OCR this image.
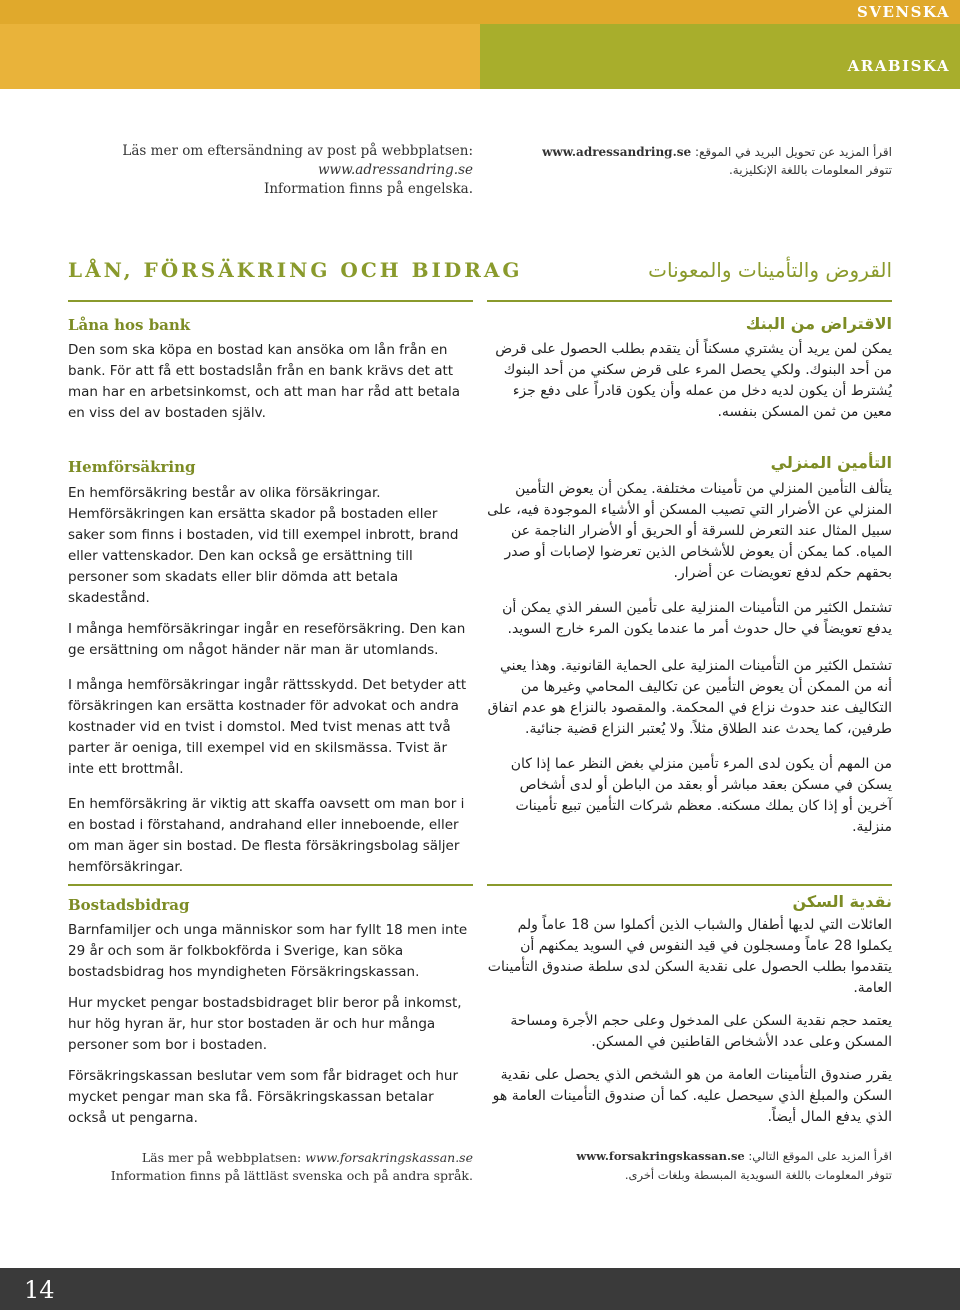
SVENSKA
ARABISKA
Läs mer om eftersändning av post på webbplatsen:
www.adressandring.se
Information finns på engelska.
اقرأ المزيد عن تحويل البريد في الموقع: www.adressandring.se
تتوفر المعلومات باللغة الإنكليزية.
LÅN, FÖRSÄKRING OCH BIDRAG	القروض والتأمينات والمعونات
Låna hos bank

Den som ska köpa en bostad kan ansöka om lån från en bank. För att få ett bostadslån från en bank krävs det att man har en arbetsinkomst, och att man har råd att betala en viss del av bostaden själv.

Hemförsäkring

En hemförsäkring består av olika försäkringar. Hemförsäkringen kan ersätta skador på bostaden eller saker som finns i bostaden, vid till exempel inbrott, brand eller vattenskador. Den kan också ge ersättning till personer som skadats eller blir dömda att betala skadestånd.

I många hemförsäkringar ingår en reseförsäkring. Den kan ge ersättning om något händer när man är utomlands.

I många hemförsäkringar ingår rättsskydd. Det betyder att försäkringen kan ersätta kostnader för advokat och andra kostnader vid en tvist i domstol. Med tvist menas att två parter är oeniga, till exempel vid en skilsmässa. Tvist är inte ett brottmål.

En hemförsäkring är viktig att skaffa oavsett om man bor i en bostad i förstahand, andrahand eller inneboende, eller om man äger sin bostad. De flesta försäkringsbolag säljer hemförsäkringar.

Bostadsbidrag

Barnfamiljer och unga människor som har fyllt 18 men inte 29 år och som är folkbokförda i Sverige, kan söka bostadsbidrag hos myndigheten Försäkringskassan.

Hur mycket pengar bostadsbidraget blir beror på inkomst, hur hög hyran är, hur stor bostaden är och hur många personer som bor i bostaden.

Försäkringskassan beslutar vem som får bidraget och hur mycket pengar man ska få. Försäkringskassan betalar också ut pengarna.

الاقتراض من البنك

يمكن لمن يريد أن يشتري مسكناً أن يتقدم بطلب الحصول على قرض من أحد البنوك. ولكي يحصل المرء على قرض سكني من أحد البنوك يُشترط أن يكون لديه دخل من عمله وأن يكون قادراً على دفع جزء معين من ثمن المسكن بنفسه.

التأمين المنزلي

يتألف التأمين المنزلي من تأمينات مختلفة. يمكن أن يعوض التأمين المنزلي عن الأضرار التي تصيب المسكن أو الأشياء الموجودة فيه، على سبيل المثال عند التعرض للسرقة أو الحريق أو الأضرار الناجمة عن المياه. كما يمكن أن يعوض للأشخاص الذين تعرضوا لإصابات أو صدر بحقهم حكم لدفع تعويضات عن أضرار.

تشتمل الكثير من التأمينات المنزلية على تأمين السفر الذي يمكن أن يدفع تعويضاً في حال حدوث أمر ما عندما يكون المرء خارج السويد.

تشتمل الكثير من التأمينات المنزلية على الحماية القانونية. وهذا يعني أنه من الممكن أن يعوض التأمين عن تكاليف المحامي وغيرها من التكاليف عند حدوث نزاع في المحكمة. والمقصود بالنزاع هو عدم اتفاق طرفين، كما يحدث عند الطلاق مثلاً. ولا يُعتبر النزاع قضية جنائية.

من المهم أن يكون لدى المرء تأمين منزلي بغض النظر عما إذا كان يسكن في مسكن بعقد مباشر أو بعقد من الباطن أو لدى أشخاص آخرين أو إذا كان يملك مسكنه. معظم شركات التأمين تبيع تأمينات منزلية.

نقدية السكن

العائلات التي لديها أطفال والشباب الذين أكملوا سن 18 عاماً ولم يكملوا 28 عاماً ومسجلون في قيد النفوس في السويد يمكنهم أن يتقدموا بطلب الحصول على نقدية السكن لدى سلطة صندوق التأمينات العامة.

يعتمد حجم نقدية السكن على المدخول وعلى حجم الأجرة ومساحة المسكن وعلى عدد الأشخاص القاطنين في المسكن.

يقرر صندوق التأمينات العامة من هو الشخص الذي يحصل على نقدية السكن والمبلغ الذي سيحصل عليه. كما أن صندوق التأمينات العامة هو الذي يدفع المال أيضاً.

Läs mer på webbplatsen: www.forsakringskassan.se
Information finns på lättläst svenska och på andra språk.
اقرأ المزيد على الموقع التالي: www.forsakringskassan.se
تتوفر المعلومات باللغة السويدية المبسطة وبلغات أخرى.
14
